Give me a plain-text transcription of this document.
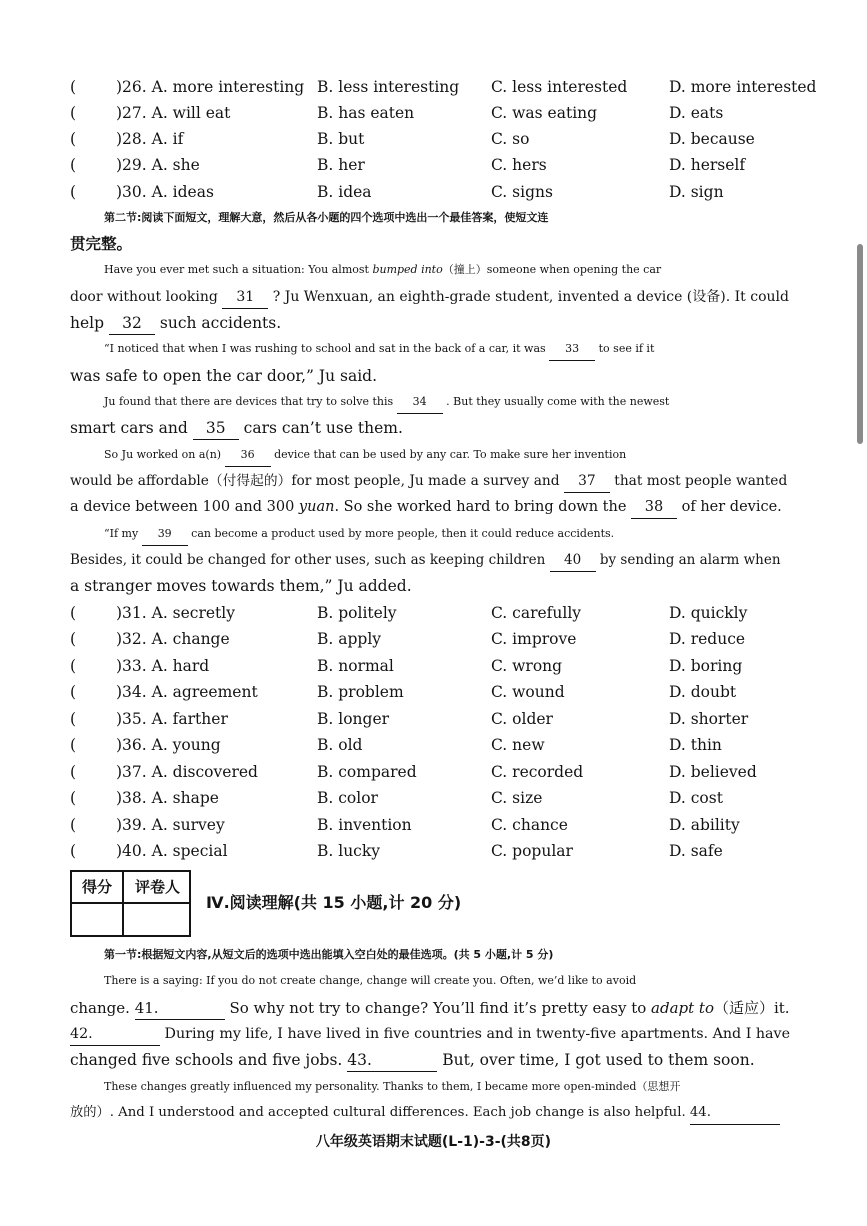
(	)26. A. more interesting B. less interesting C. less interested	D. more interested
(	)27. A. will eat	B. has eaten	C. was eating	D. eats
(	)28. A. if	B. but	C. so	D. because
(	)29. A. she	B. her	C. hers	D. herself
(	)30. A. ideas	B. idea	C. signs	D. sign
第二节:阅读下面短文，理解大意，然后从各小题的四个选项中选出一个最佳答案，使短文连
贯完整。
Have you ever met such a situation: You almost bumped into（撞上）someone when opening the car
door without looking 31 ? Ju Wenxuan, an eighth-grade student, invented a device (设备). It could
help 32 such accidents.
“I noticed that when I was rushing to school and sat in the back of a car, it was 33 to see if it
was safe to open the car door,” Ju said.
Ju found that there are devices that try to solve this 34 . But they usually come with the newest
smart cars and 35 cars can’t use them.
So Ju worked on a(n) 36 device that can be used by any car. To make sure her invention
would be affordable（付得起的）for most people, Ju made a survey and 37 that most people wanted
a device between 100 and 300 yuan. So she worked hard to bring down the 38 of her device.
“If my 39 can become a product used by more people, then it could reduce accidents.
Besides, it could be changed for other uses, such as keeping children 40 by sending an alarm when
a stranger moves towards them,” Ju added.
(	)31. A. secretly	B. politely	C. carefully	D. quickly
(	)32. A. change	B. apply	C. improve	D. reduce
(	)33. A. hard	B. normal	C. wrong	D. boring
(	)34. A. agreement	B. problem	C. wound	D. doubt
(	)35. A. farther	B. longer	C. older	D. shorter
(	)36. A. young	B. old	C. new	D. thin
(	)37. A. discovered	B. compared	C. recorded	D. believed
(	)38. A. shape	B. color	C. size	D. cost
(	)39. A. survey	B. invention	C. chance	D. ability
(	)40. A. special	B. lucky	C. popular	D. safe
得分	评卷人
Ⅳ.阅读理解(共 15 小题,计 20 分)
第一节:根据短文内容,从短文后的选项中选出能填入空白处的最佳选项。(共 5 小题,计 5 分)
There is a saying: If you do not create change, change will create you. Often, we’d like to avoid
change. 41.	So why not try to change? You’ll find it’s pretty easy to adapt to（适应）it.
42.	During my life, I have lived in five countries and in twenty-five apartments. And I have
changed five schools and five jobs. 43.	But, over time, I got used to them soon.
These changes greatly influenced my personality. Thanks to them, I became more open-minded（思想开
放的）. And I understood and accepted cultural differences. Each job change is also helpful. 44.
八年级英语期末试题(L-1)-3-(共8页)
